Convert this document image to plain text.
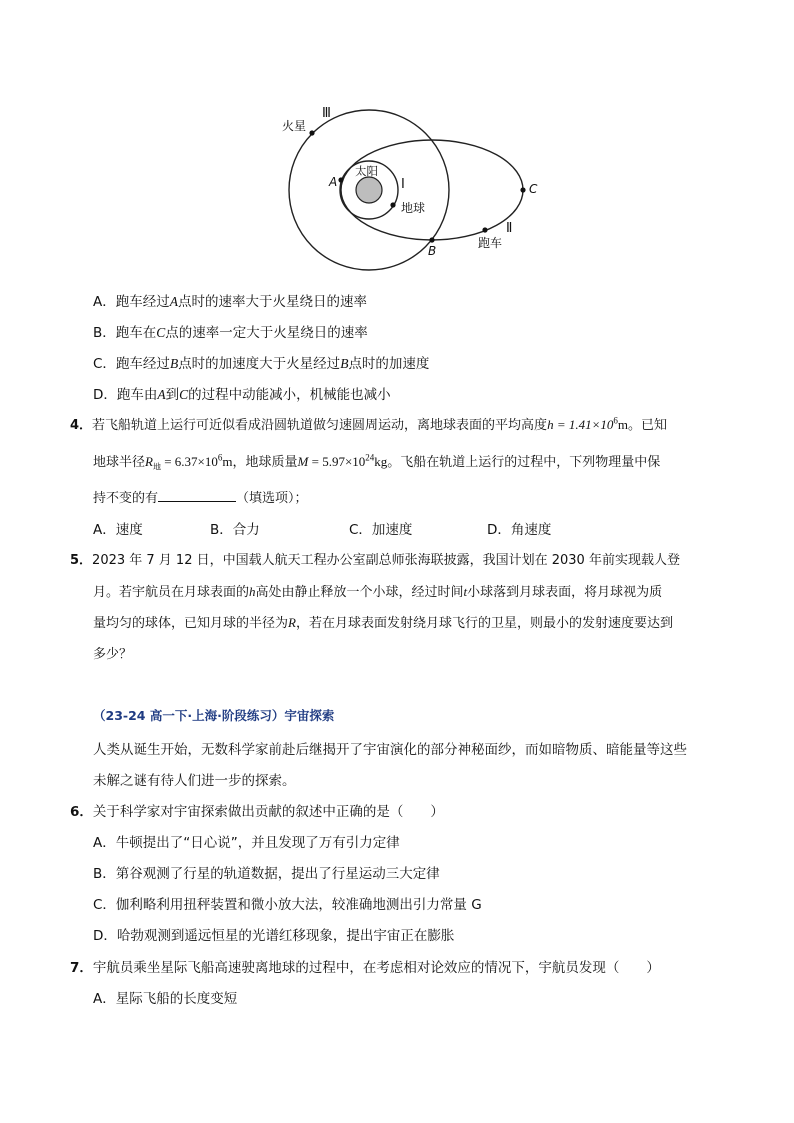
火星
Ⅲ
太阳
Ⅰ
A
地球
C
Ⅱ
跑车
B
A．跑车经过A点时的速率大于火星绕日的速率
B．跑车在C点的速率一定大于火星绕日的速率
C．跑车经过B点时的加速度大于火星经过B点时的加速度
D．跑车由A到C的过程中动能减小，机械能也减小
4．若飞船轨道上运行可近似看成沿圆轨道做匀速圆周运动，离地球表面的平均高度$h = 1.41\times 10^6m$。已知
地球半径$R_地 = 6.37\times 10^6m$，地球质量$M = 5.97\times 10^{24}kg$。飞船在轨道上运行的过程中，下列物理量中保
持不变的有	（填选项）；
A．速度	B．合力	C．加速度	D．角速度
5．2023 年 7 月 12 日，中国载人航天工程办公室副总师张海联披露，我国计划在 2030 年前实现载人登
月。若宇航员在月球表面的h高处由静止释放一个小球，经过时间t小球落到月球表面，将月球视为质
量均匀的球体，已知月球的半径为R，若在月球表面发射绕月球飞行的卫星，则最小的发射速度要达到
多少？
（23-24 高一下·上海·阶段练习）宇宙探索
人类从诞生开始，无数科学家前赴后继揭开了宇宙演化的部分神秘面纱，而如暗物质、暗能量等这些
未解之谜有待人们进一步的探索。
6．关于科学家对宇宙探索做出贡献的叙述中正确的是（　　）
A．牛顿提出了“日心说”，并且发现了万有引力定律
B．第谷观测了行星的轨道数据，提出了行星运动三大定律
C．伽利略利用扭秤装置和微小放大法，较准确地测出引力常量 G
D．哈勃观测到遥远恒星的光谱红移现象，提出宇宙正在膨胀
7．宇航员乘坐星际飞船高速驶离地球的过程中，在考虑相对论效应的情况下，宇航员发现（　　）
A．星际飞船的长度变短
